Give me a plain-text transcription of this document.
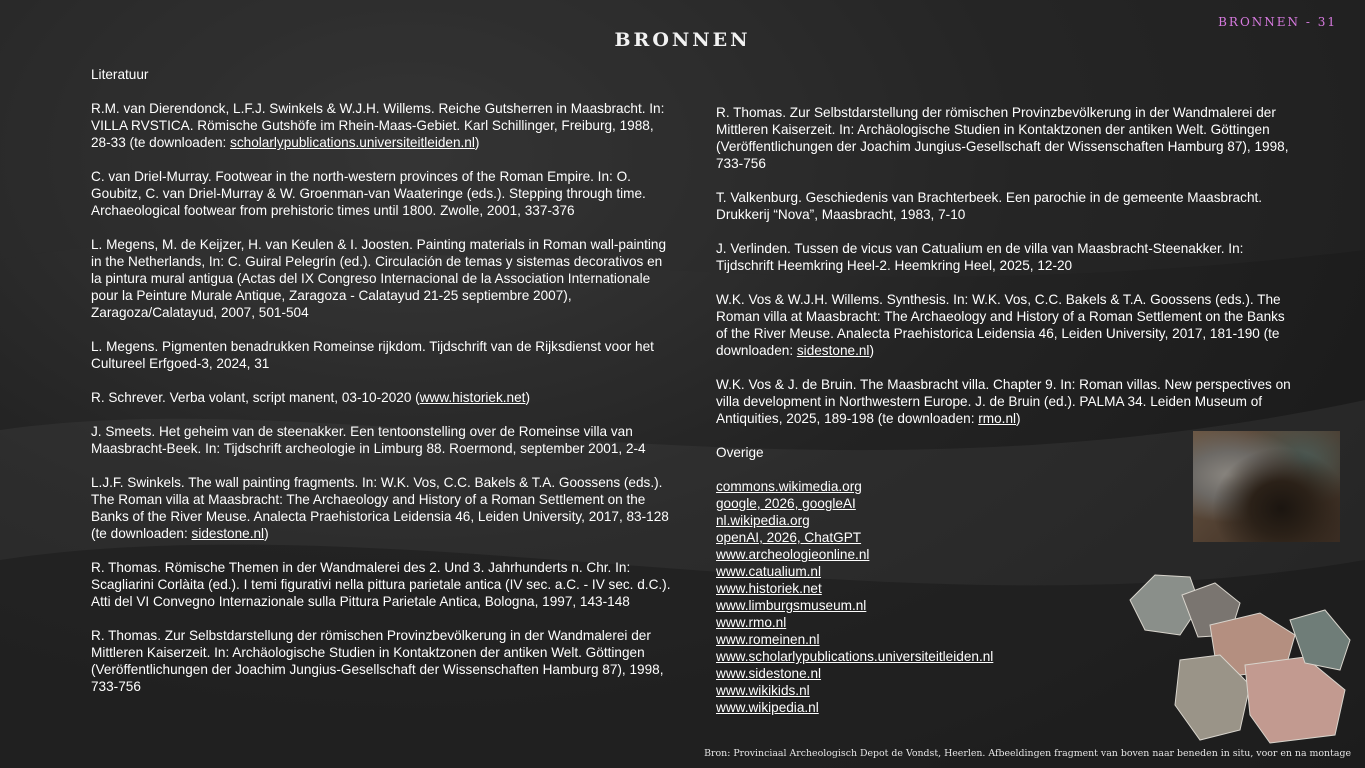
BRONNEN - 31
BRONNEN

Literatuur

R.M. van Dierendonck, L.F.J. Swinkels & W.J.H. Willems. Reiche Gutsherren in Maasbracht. In: VILLA RVSTICA. Römische Gutshöfe im Rhein-Maas-Gebiet. Karl Schillinger, Freiburg, 1988, 28-33 (te downloaden: scholarlypublications.universiteitleiden.nl)

C. van Driel-Murray. Footwear in the north-western provinces of the Roman Empire. In: O. Goubitz, C. van Driel-Murray & W. Groenman-van Waateringe (eds.). Stepping through time. Archaeological footwear from prehistoric times until 1800. Zwolle, 2001, 337-376

L. Megens, M. de Keijzer, H. van Keulen & I. Joosten. Painting materials in Roman wall-painting in the Netherlands, In: C. Guiral Pelegrín (ed.). Circulación de temas y sistemas decorativos en la pintura mural antigua (Actas del IX Congreso Internacional de la Association Internationale pour la Peinture Murale Antique, Zaragoza - Calatayud 21-25 septiembre 2007), Zaragoza/Calatayud, 2007, 501-504

L. Megens. Pigmenten benadrukken Romeinse rijkdom. Tijdschrift van de Rijksdienst voor het Cultureel Erfgoed-3, 2024, 31

R. Schrever. Verba volant, script manent, 03-10-2020 (www.historiek.net)

J. Smeets. Het geheim van de steenakker. Een tentoonstelling over de Romeinse villa van Maasbracht-Beek. In: Tijdschrift archeologie in Limburg 88. Roermond, september 2001, 2-4

L.J.F. Swinkels. The wall painting fragments. In: W.K. Vos, C.C. Bakels & T.A. Goossens (eds.). The Roman villa at Maasbracht: The Archaeology and History of a Roman Settlement on the Banks of the River Meuse. Analecta Praehistorica Leidensia 46, Leiden University, 2017, 83-128 (te downloaden: sidestone.nl)

R. Thomas. Römische Themen in der Wandmalerei des 2. Und 3. Jahrhunderts n. Chr. In: Scagliarini Corlàita (ed.). I temi figurativi nella pittura parietale antica (IV sec. a.C. - IV sec. d.C.). Atti del VI Convegno Internazionale sulla Pittura Parietale Antica, Bologna, 1997, 143-148

R. Thomas. Zur Selbstdarstellung der römischen Provinzbevölkerung in der Wandmalerei der Mittleren Kaiserzeit. In: Archäologische Studien in Kontaktzonen der antiken Welt. Göttingen (Veröffentlichungen der Joachim Jungius-Gesellschaft der Wissenschaften Hamburg 87), 1998, 733-756

R. Thomas. Zur Selbstdarstellung der römischen Provinzbevölkerung in der Wandmalerei der Mittleren Kaiserzeit. In: Archäologische Studien in Kontaktzonen der antiken Welt. Göttingen (Veröffentlichungen der Joachim Jungius-Gesellschaft der Wissenschaften Hamburg 87), 1998, 733-756

T. Valkenburg. Geschiedenis van Brachterbeek. Een parochie in de gemeente Maasbracht. Drukkerij “Nova”, Maasbracht, 1983, 7-10

J. Verlinden. Tussen de vicus van Catualium en de villa van Maasbracht-Steenakker. In: Tijdschrift Heemkring Heel-2. Heemkring Heel, 2025, 12-20

W.K. Vos & W.J.H. Willems. Synthesis. In: W.K. Vos, C.C. Bakels & T.A. Goossens (eds.). The Roman villa at Maasbracht: The Archaeology and History of a Roman Settlement on the Banks of the River Meuse. Analecta Praehistorica Leidensia 46, Leiden University, 2017, 181-190 (te downloaden: sidestone.nl)

W.K. Vos & J. de Bruin. The Maasbracht villa. Chapter 9. In: Roman villas. New perspectives on villa development in Northwestern Europe. J. de Bruin (ed.). PALMA 34. Leiden Museum of Antiquities, 2025, 189-198 (te downloaden: rmo.nl)

Overige

commons.wikimedia.org
google, 2026, googleAI
nl.wikipedia.org
openAI, 2026, ChatGPT
www.archeologieonline.nl
www.catualium.nl
www.historiek.net
www.limburgsmuseum.nl
www.rmo.nl
www.romeinen.nl
www.scholarlypublications.universiteitleiden.nl
www.sidestone.nl
www.wikikids.nl
www.wikipedia.nl
Bron: Provinciaal Archeologisch Depot de Vondst, Heerlen. Afbeeldingen fragment van boven naar beneden in situ, voor en na montage
